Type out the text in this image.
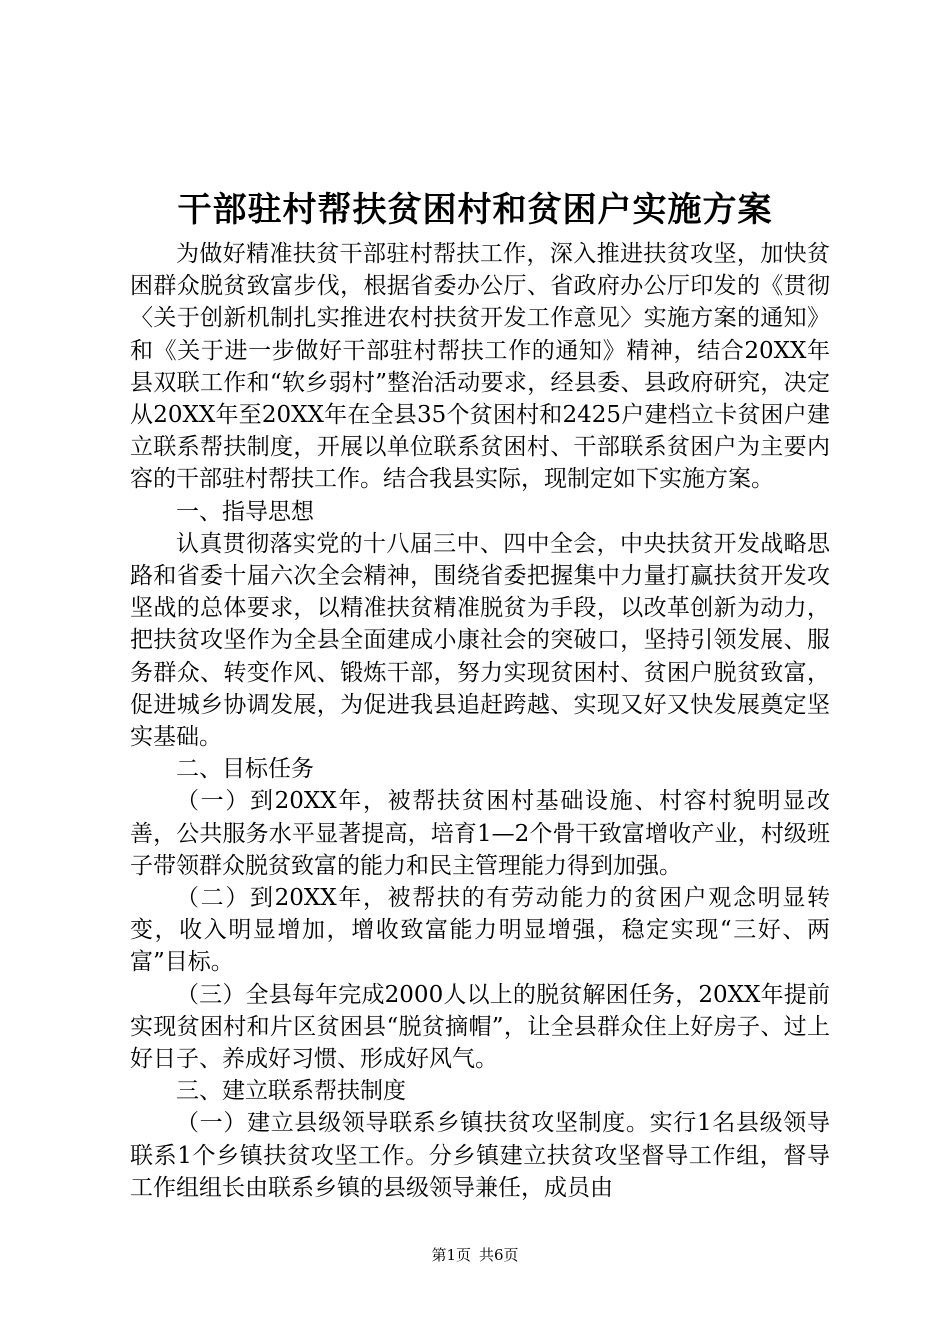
干部驻村帮扶贫困村和贫困户实施方案

为做好精准扶贫干部驻村帮扶工作，深入推进扶贫攻坚，加快贫困群众脱贫致富步伐，根据省委办公厅、省政府办公厅印发的《贯彻〈关于创新机制扎实推进农村扶贫开发工作意见〉实施方案的通知》和《关于进一步做好干部驻村帮扶工作的通知》精神，结合20XX年县双联工作和“软乡弱村”整治活动要求，经县委、县政府研究，决定从20XX年至20XX年在全县35个贫困村和2425户建档立卡贫困户建立联系帮扶制度，开展以单位联系贫困村、干部联系贫困户为主要内容的干部驻村帮扶工作。结合我县实际，现制定如下实施方案。

一、指导思想

认真贯彻落实党的十八届三中、四中全会，中央扶贫开发战略思路和省委十届六次全会精神，围绕省委把握集中力量打赢扶贫开发攻坚战的总体要求，以精准扶贫精准脱贫为手段，以改革创新为动力，把扶贫攻坚作为全县全面建成小康社会的突破口，坚持引领发展、服务群众、转变作风、锻炼干部，努力实现贫困村、贫困户脱贫致富，促进城乡协调发展，为促进我县追赶跨越、实现又好又快发展奠定坚实基础。

二、目标任务

（一）到20XX年，被帮扶贫困村基础设施、村容村貌明显改善，公共服务水平显著提高，培育1—2个骨干致富增收产业，村级班子带领群众脱贫致富的能力和民主管理能力得到加强。

（二）到20XX年，被帮扶的有劳动能力的贫困户观念明显转变，收入明显增加，增收致富能力明显增强，稳定实现“三好、两富”目标。

（三）全县每年完成2000人以上的脱贫解困任务，20XX年提前实现贫困村和片区贫困县“脱贫摘帽”，让全县群众住上好房子、过上好日子、养成好习惯、形成好风气。

三、建立联系帮扶制度

（一）建立县级领导联系乡镇扶贫攻坚制度。实行1名县级领导联系1个乡镇扶贫攻坚工作。分乡镇建立扶贫攻坚督导工作组，督导工作组组长由联系乡镇的县级领导兼任，成员由

第1页 共6页
